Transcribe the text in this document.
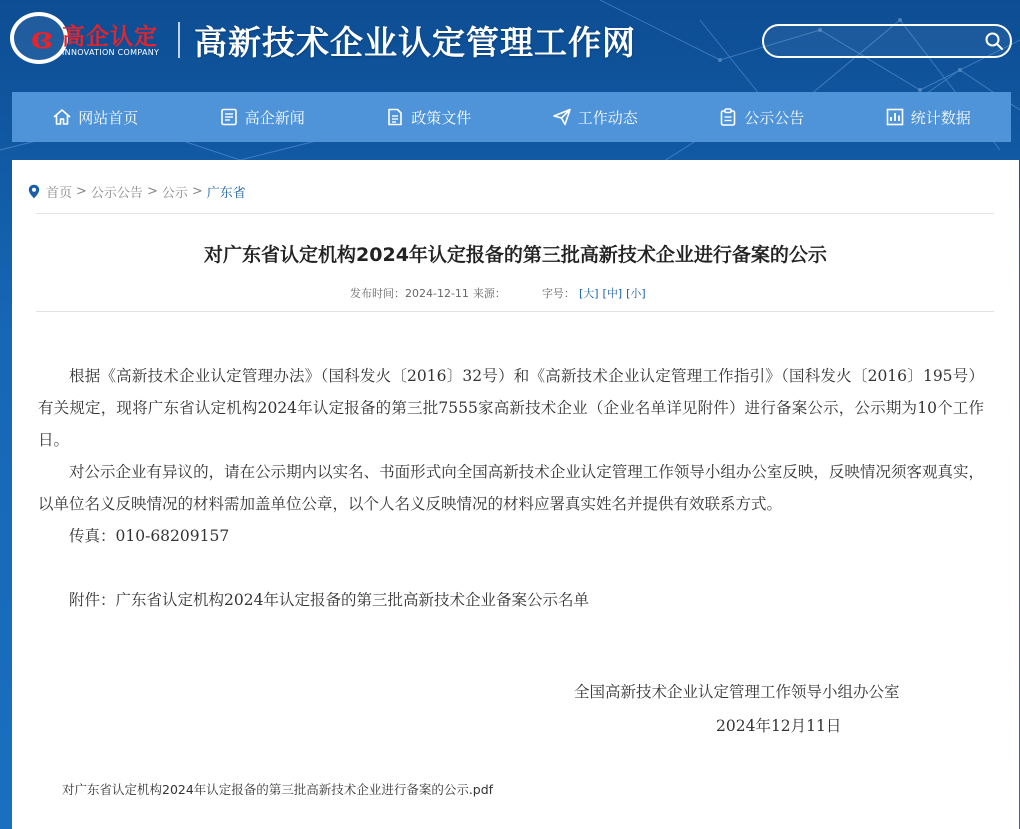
ɞ 高企认定
INNOVATION COMPANY 高新技术企业认定管理工作网
网站首页	高企新闻	政策文件	工作动态	公示公告	统计数据
首页 > 公示公告 > 公示 > 广东省
对广东省认定机构2024年认定报备的第三批高新技术企业进行备案的公示
发布时间： 2024-12-11 来源：	字号： [大] [中] [小]

根据《高新技术企业认定管理办法》（国科发火〔2016〕32号）和《高新技术企业认定管理工作指引》（国科发火〔2016〕195号）有关规定，现将广东省认定机构2024年认定报备的第三批7555家高新技术企业（企业名单详见附件）进行备案公示，公示期为10个工作日。

对公示企业有异议的，请在公示期内以实名、书面形式向全国高新技术企业认定管理工作领导小组办公室反映，反映情况须客观真实，以单位名义反映情况的材料需加盖单位公章，以个人名义反映情况的材料应署真实姓名并提供有效联系方式。

传真：010-68209157

附件：广东省认定机构2024年认定报备的第三批高新技术企业备案公示名单

全国高新技术企业认定管理工作领导小组办公室
2024年12月11日
对广东省认定机构2024年认定报备的第三批高新技术企业进行备案的公示.pdf
